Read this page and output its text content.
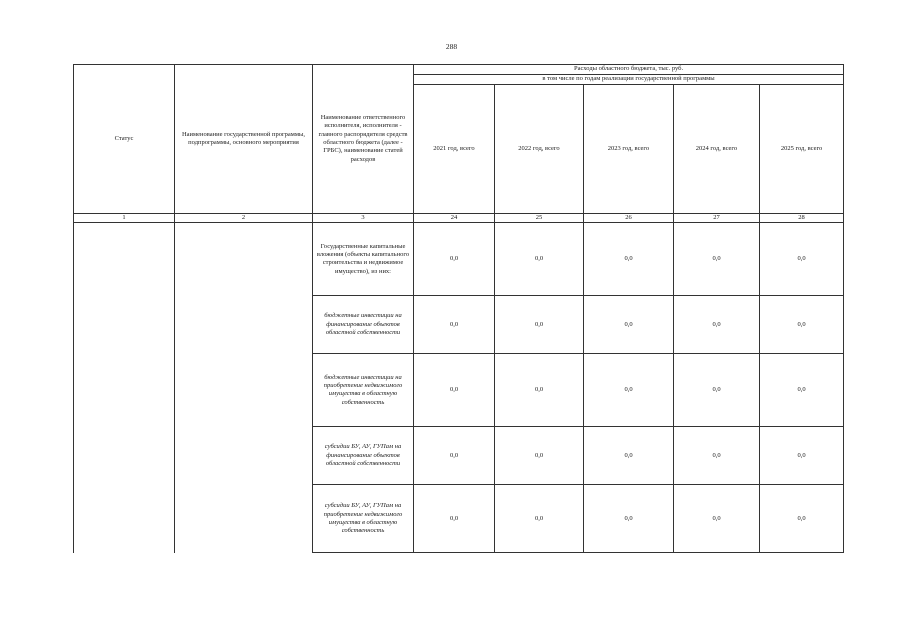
288
Статус	Наименование государственной программы, подпрограммы, основного мероприятия	Наименование ответственного исполнителя, исполнителя - главного распорядителя средств областного бюджета (далее - ГРБС), наименование статей расходов	Расходы областного бюджета, тыс. руб.				
			в том числе по годам реализации государственной программы				
			2021 год, всего	2022 год, всего	2023 год, всего	2024 год, всего	2025 год, всего
1	2	3	24	25	26	27	28
		Государственные капитальные вложения (объекты капитального строительства и недвижимое имущество), из них:	0,0	0,0	0,0	0,0	0,0
		бюджетные инвестиции на финансирование объектов областной собственности	0,0	0,0	0,0	0,0	0,0
		бюджетные инвестиции на приобретение недвижимого имущества в областную собственность	0,0	0,0	0,0	0,0	0,0
		субсидии БУ, АУ, ГУПам на финансирование объектов областной собственности	0,0	0,0	0,0	0,0	0,0
		субсидии БУ, АУ, ГУПам на приобретение недвижимого имущества в областную собственность	0,0	0,0	0,0	0,0	0,0
